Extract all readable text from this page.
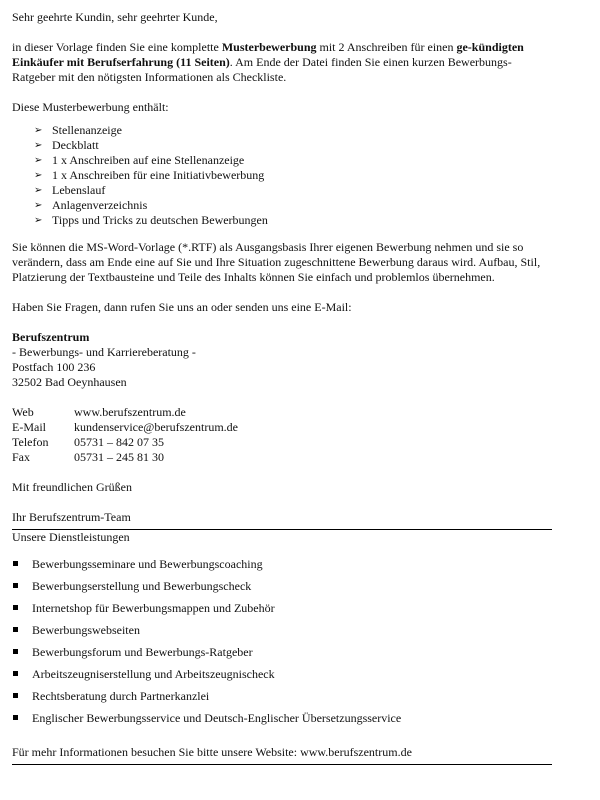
Sehr geehrte Kundin, sehr geehrter Kunde,

in dieser Vorlage finden Sie eine komplette Musterbewerbung mit 2 Anschreiben für einen ge-kündigten Einkäufer mit Berufserfahrung (11 Seiten). Am Ende der Datei finden Sie einen kurzen Bewerbungs-Ratgeber mit den nötigsten Informationen als Checkliste.

Diese Musterbewerbung enthält:

➢ Stellenanzeige
➢ Deckblatt
➢ 1 x Anschreiben auf eine Stellenanzeige
➢ 1 x Anschreiben für eine Initiativbewerbung
➢ Lebenslauf
➢ Anlagenverzeichnis
➢ Tipps und Tricks zu deutschen Bewerbungen

Sie können die MS-Word-Vorlage (*.RTF) als Ausgangsbasis Ihrer eigenen Bewerbung nehmen und sie so verändern, dass am Ende eine auf Sie und Ihre Situation zugeschnittene Bewerbung daraus wird. Aufbau, Stil, Platzierung der Textbausteine und Teile des Inhalts können Sie einfach und problemlos übernehmen.

Haben Sie Fragen, dann rufen Sie uns an oder senden uns eine E-Mail:

Berufszentrum

- Bewerbungs- und Karriereberatung -

Postfach 100 236

32502 Bad Oeynhausen

Web	www.berufszentrum.de
E-Mail	kundenservice@berufszentrum.de
Telefon	05731 – 842 07 35
Fax	05731 – 245 81 30

Mit freundlichen Grüßen

Ihr Berufszentrum-Team

Unsere Dienstleistungen

Bewerbungsseminare und Bewerbungscoaching
Bewerbungserstellung und Bewerbungscheck
Internetshop für Bewerbungsmappen und Zubehör
Bewerbungswebseiten
Bewerbungsforum und Bewerbungs-Ratgeber
Arbeitszeugniserstellung und Arbeitszeugnischeck
Rechtsberatung durch Partnerkanzlei
Englischer Bewerbungsservice und Deutsch-Englischer Übersetzungsservice

Für mehr Informationen besuchen Sie bitte unsere Website: www.berufszentrum.de
